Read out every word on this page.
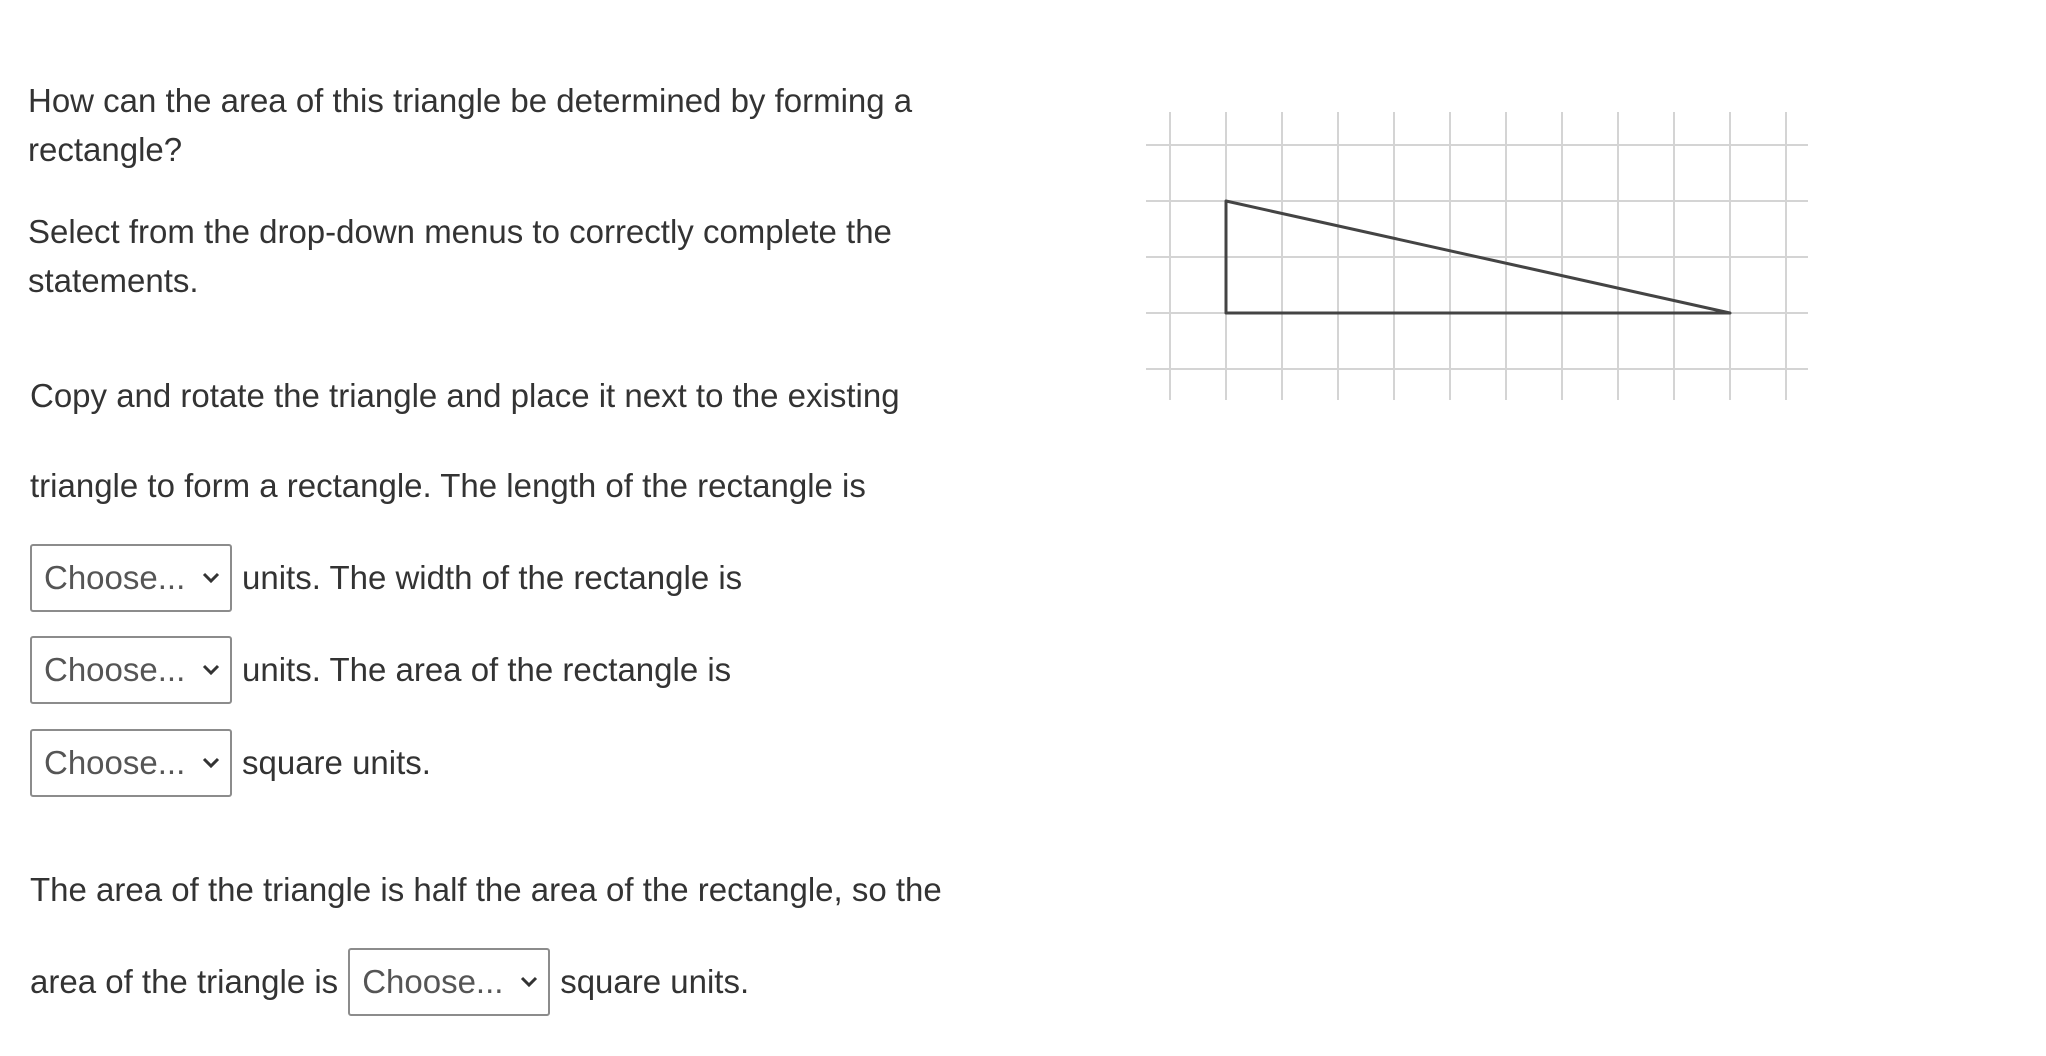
How can the area of this triangle be determined by forming a rectangle?

Select from the drop-down menus to correctly complete the statements.

Copy and rotate the triangle and place it next to the existing
triangle to form a rectangle. The length of the rectangle is
Choose... units. The width of the rectangle is
Choose... units. The area of the rectangle is
Choose... square units.
The area of the triangle is half the area of the rectangle, so the
area of the triangle is Choose... square units.
